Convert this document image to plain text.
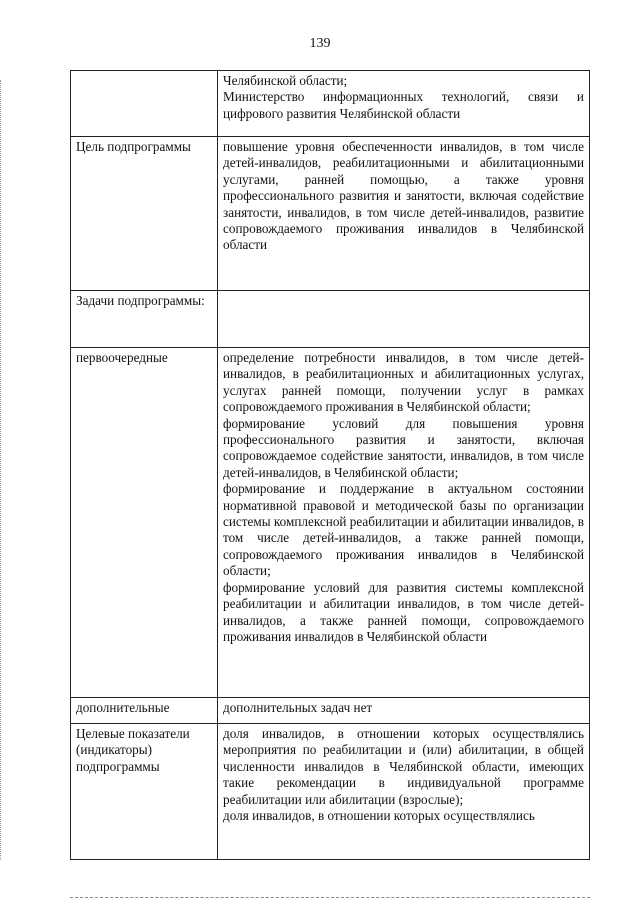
139

	Челябинской области;
Министерство информационных технологий, связи и цифрового развития Челябинской области

Цель подпрограммы	повышение уровня обеспеченности инвалидов, в том числе детей-инвалидов, реабилитационными и абилитационными услугами, ранней помощью, а также уровня профессионального развития и занятости, включая содействие занятости, инвалидов, в том числе детей-инвалидов, развитие сопровождаемого проживания инвалидов в Челябинской области

Задачи подпрограммы:	
первоочередные	определение потребности инвалидов, в том числе детей-инвалидов, в реабилитационных и абилитационных услугах, услугах ранней помощи, получении услуг в рамках сопровождаемого проживания в Челябинской области;
формирование условий для повышения уровня профессионального развития и занятости, включая сопровождаемое содействие занятости, инвалидов, в том числе детей-инвалидов, в Челябинской области;
формирование и поддержание в актуальном состоянии нормативной правовой и методической базы по организации системы комплексной реабилитации и абилитации инвалидов, в том числе детей-инвалидов, а также ранней помощи, сопровождаемого проживания инвалидов в Челябинской области;
формирование условий для развития системы комплексной реабилитации и абилитации инвалидов, в том числе детей-инвалидов, а также ранней помощи, сопровождаемого проживания инвалидов в Челябинской области

дополнительные	дополнительных задач нет

Целевые показатели (индикаторы) подпрограммы	доля инвалидов, в отношении которых осуществлялись мероприятия по реабилитации и (или) абилитации, в общей численности инвалидов в Челябинской области, имеющих такие рекомендации в индивидуальной программе реабилитации или абилитации (взрослые);
доля инвалидов, в отношении которых осуществлялись
